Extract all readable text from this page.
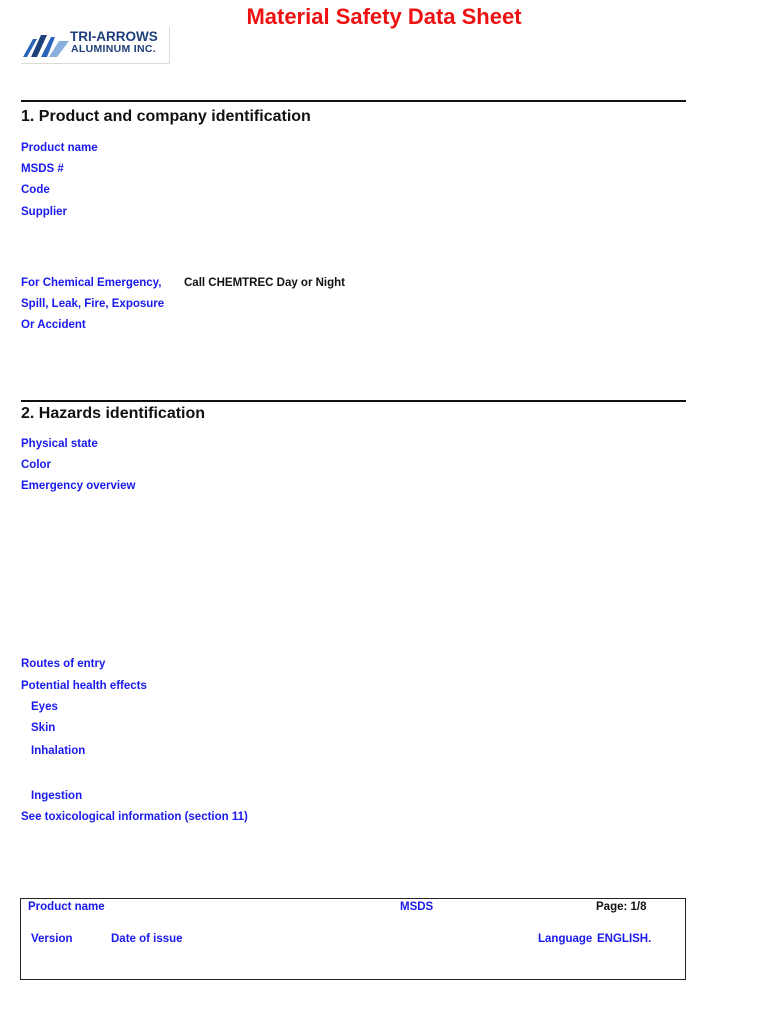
Material Safety Data Sheet
TRI-ARROWS
ALUMINUM INC.
1. Product and company identification
Product name
MSDS #
Code
Supplier
For Chemical Emergency, Call CHEMTREC Day or Night
Spill, Leak, Fire, Exposure
Or Accident
2. Hazards identification
Physical state
Color
Emergency overview
Routes of entry
Potential health effects
Eyes
Skin
Inhalation
Ingestion
See toxicological information (section 11)
Product name	MSDS	Page: 1/8
Version	Date of issue	Language ENGLISH.
